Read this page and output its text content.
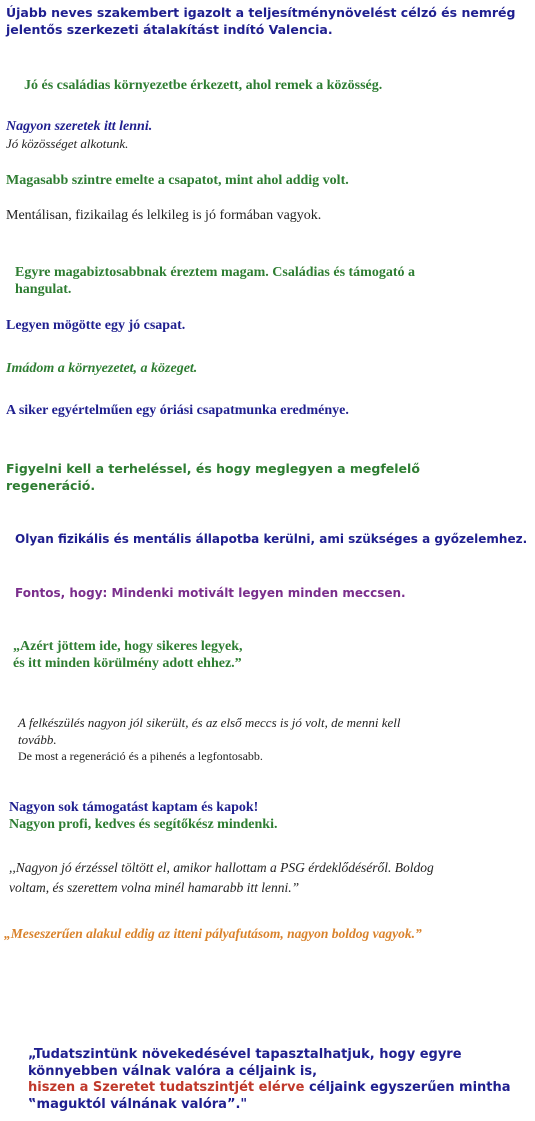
Újabb neves szakembert igazolt a teljesítménynövelést célzó és nemrég
jelentős szerkezeti átalakítást indító Valencia.
Jó és családias környezetbe érkezett, ahol remek a közösség.
Nagyon szeretek itt lenni.
Jó közösséget alkotunk.
Magasabb szintre emelte a csapatot, mint ahol addig volt.
Mentálisan, fizikailag és lelkileg is jó formában vagyok.
Egyre magabiztosabbnak éreztem magam. Családias és támogató a
hangulat.
Legyen mögötte egy jó csapat.
Imádom a környezetet, a közeget.
A siker egyértelműen egy óriási csapatmunka eredménye.
Figyelni kell a terheléssel, és hogy meglegyen a megfelelő
regeneráció.
Olyan fizikális és mentális állapotba kerülni, ami szükséges a győzelemhez.
Fontos, hogy: Mindenki motivált legyen minden meccsen.
„Azért jöttem ide, hogy sikeres legyek,
és itt minden körülmény adott ehhez.”
A felkészülés nagyon jól sikerült, és az első meccs is jó volt, de menni kell
tovább.
De most a regeneráció és a pihenés a legfontosabb.
Nagyon sok támogatást kaptam és kapok!
Nagyon profi, kedves és segítőkész mindenki.
,,Nagyon jó érzéssel töltött el, amikor hallottam a PSG érdeklődéséről. Boldog
voltam, és szerettem volna minél hamarabb itt lenni.”
„Meseszerűen alakul eddig az itteni pályafutásom, nagyon boldog vagyok.”
„Tudatszintünk növekedésével tapasztalhatjuk, hogy egyre
könnyebben válnak valóra a céljaink is,
hiszen a Szeretet tudatszintjét elérve céljaink egyszerűen mintha
‟maguktól válnának valóra”."
